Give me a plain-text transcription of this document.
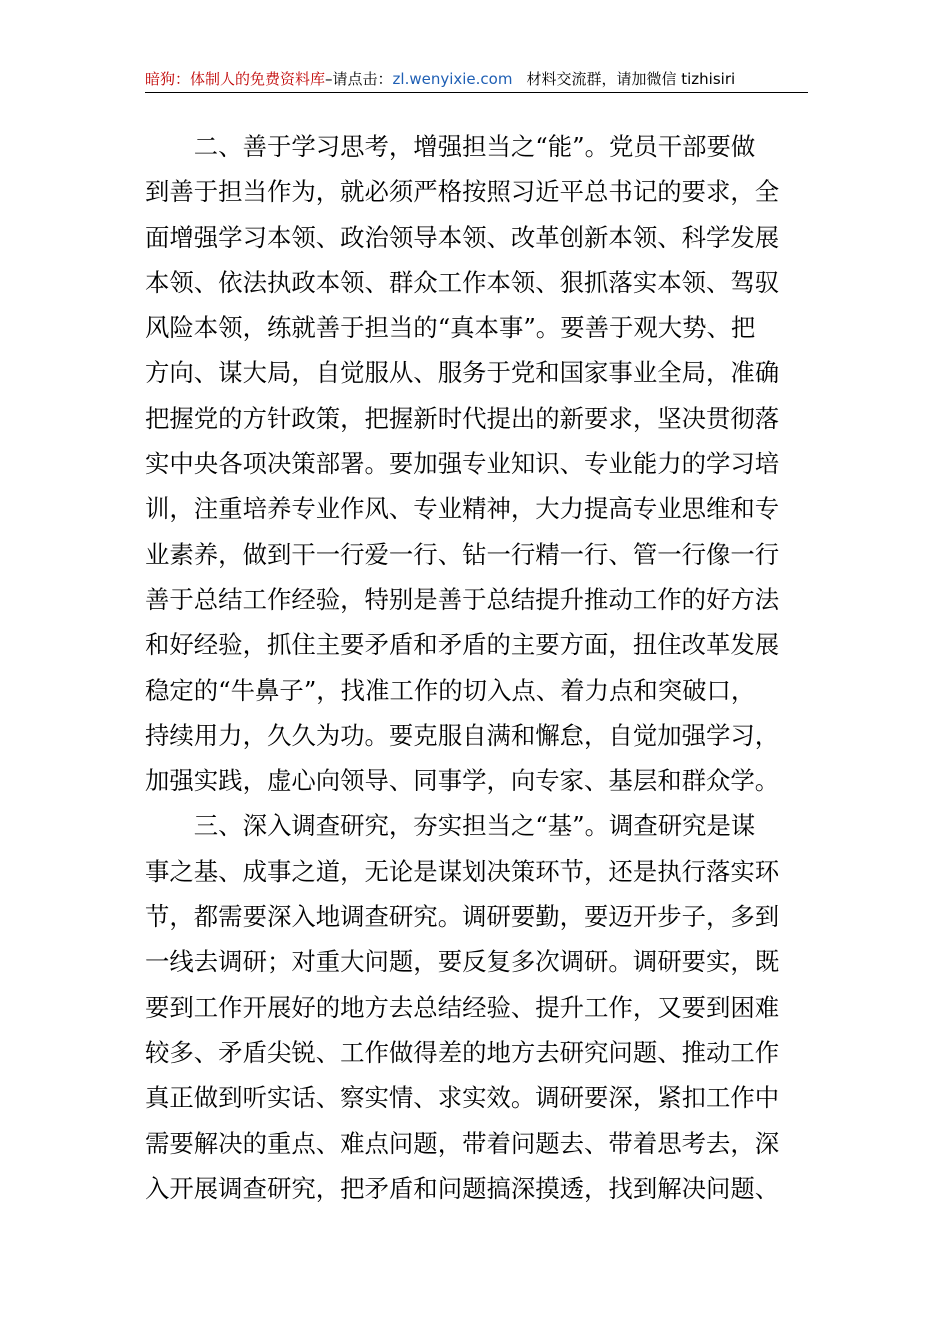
暗狗：体制人的免费资料库–请点击：zl.wenyixie.com 材料交流群，请加微信 tizhisiri
　　二、善于学习思考，增强担当之“能”。党员干部要做
到善于担当作为，就必须严格按照习近平总书记的要求，全
面增强学习本领、政治领导本领、改革创新本领、科学发展
本领、依法执政本领、群众工作本领、狠抓落实本领、驾驭
风险本领，练就善于担当的“真本事”。要善于观大势、把
方向、谋大局，自觉服从、服务于党和国家事业全局，准确
把握党的方针政策，把握新时代提出的新要求，坚决贯彻落
实中央各项决策部署。要加强专业知识、专业能力的学习培
训，注重培养专业作风、专业精神，大力提高专业思维和专
业素养，做到干一行爱一行、钻一行精一行、管一行像一行
善于总结工作经验，特别是善于总结提升推动工作的好方法
和好经验，抓住主要矛盾和矛盾的主要方面，扭住改革发展
稳定的“牛鼻子”，找准工作的切入点、着力点和突破口，
持续用力，久久为功。要克服自满和懈怠，自觉加强学习，
加强实践，虚心向领导、同事学，向专家、基层和群众学。
　　三、深入调查研究，夯实担当之“基”。调查研究是谋
事之基、成事之道，无论是谋划决策环节，还是执行落实环
节，都需要深入地调查研究。调研要勤，要迈开步子，多到
一线去调研；对重大问题，要反复多次调研。调研要实，既
要到工作开展好的地方去总结经验、提升工作，又要到困难
较多、矛盾尖锐、工作做得差的地方去研究问题、推动工作
真正做到听实话、察实情、求实效。调研要深，紧扣工作中
需要解决的重点、难点问题，带着问题去、带着思考去，深
入开展调查研究，把矛盾和问题搞深摸透，找到解决问题、
